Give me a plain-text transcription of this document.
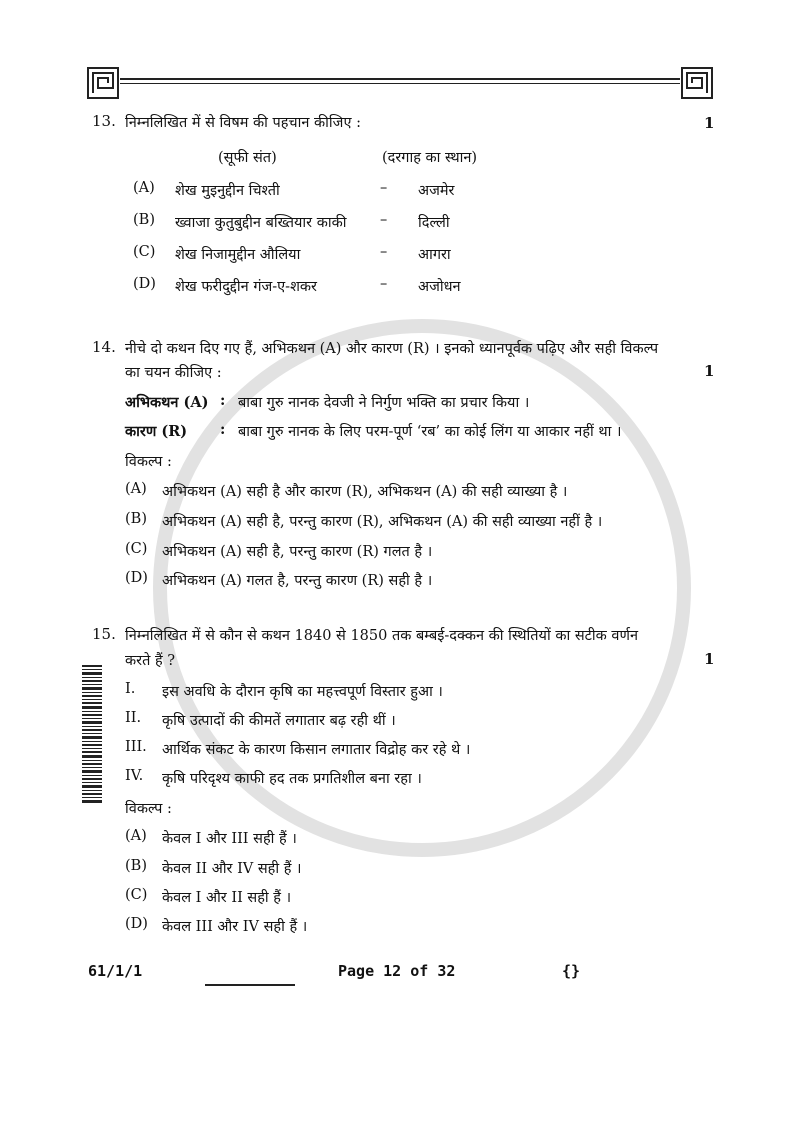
13. निम्नलिखित में से विषम की पहचान कीजिए :	1
(सूफी संत)	(दरगाह का स्थान)
(A) शेख मुइनुद्दीन चिश्ती	– अजमेर
(B) ख्वाजा कुतुबुद्दीन बख्तियार काकी – दिल्ली
(C) शेख निजामुद्दीन औलिया	– आगरा
(D) शेख फरीदुद्दीन गंज-ए-शकर	– अजोधन
14. नीचे दो कथन दिए गए हैं, अभिकथन (A) और कारण (R) । इनको ध्यानपूर्वक पढ़िए और सही विकल्प
का चयन कीजिए :	1
अभिकथन (A) : बाबा गुरु नानक देवजी ने निर्गुण भक्ति का प्रचार किया ।
कारण (R) : बाबा गुरु नानक के लिए परम-पूर्ण ‘रब’ का कोई लिंग या आकार नहीं था ।
विकल्प :
(A) अभिकथन (A) सही है और कारण (R), अभिकथन (A) की सही व्याख्या है ।
(B) अभिकथन (A) सही है, परन्तु कारण (R), अभिकथन (A) की सही व्याख्या नहीं है ।
(C) अभिकथन (A) सही है, परन्तु कारण (R) गलत है ।
(D) अभिकथन (A) गलत है, परन्तु कारण (R) सही है ।
15. निम्नलिखित में से कौन से कथन 1840 से 1850 तक बम्बई-दक्कन की स्थितियों का सटीक वर्णन
करते हैं ?	1
I. इस अवधि के दौरान कृषि का महत्त्वपूर्ण विस्तार हुआ ।
II. कृषि उत्पादों की कीमतें लगातार बढ़ रही थीं ।
III. आर्थिक संकट के कारण किसान लगातार विद्रोह कर रहे थे ।
IV. कृषि परिदृश्य काफी हद तक प्रगतिशील बना रहा ।
विकल्प :
(A) केवल I और III सही हैं ।
(B) केवल II और IV सही हैं ।
(C) केवल I और II सही हैं ।
(D) केवल III और IV सही हैं ।
61/1/1	Page 12 of 32	{}
